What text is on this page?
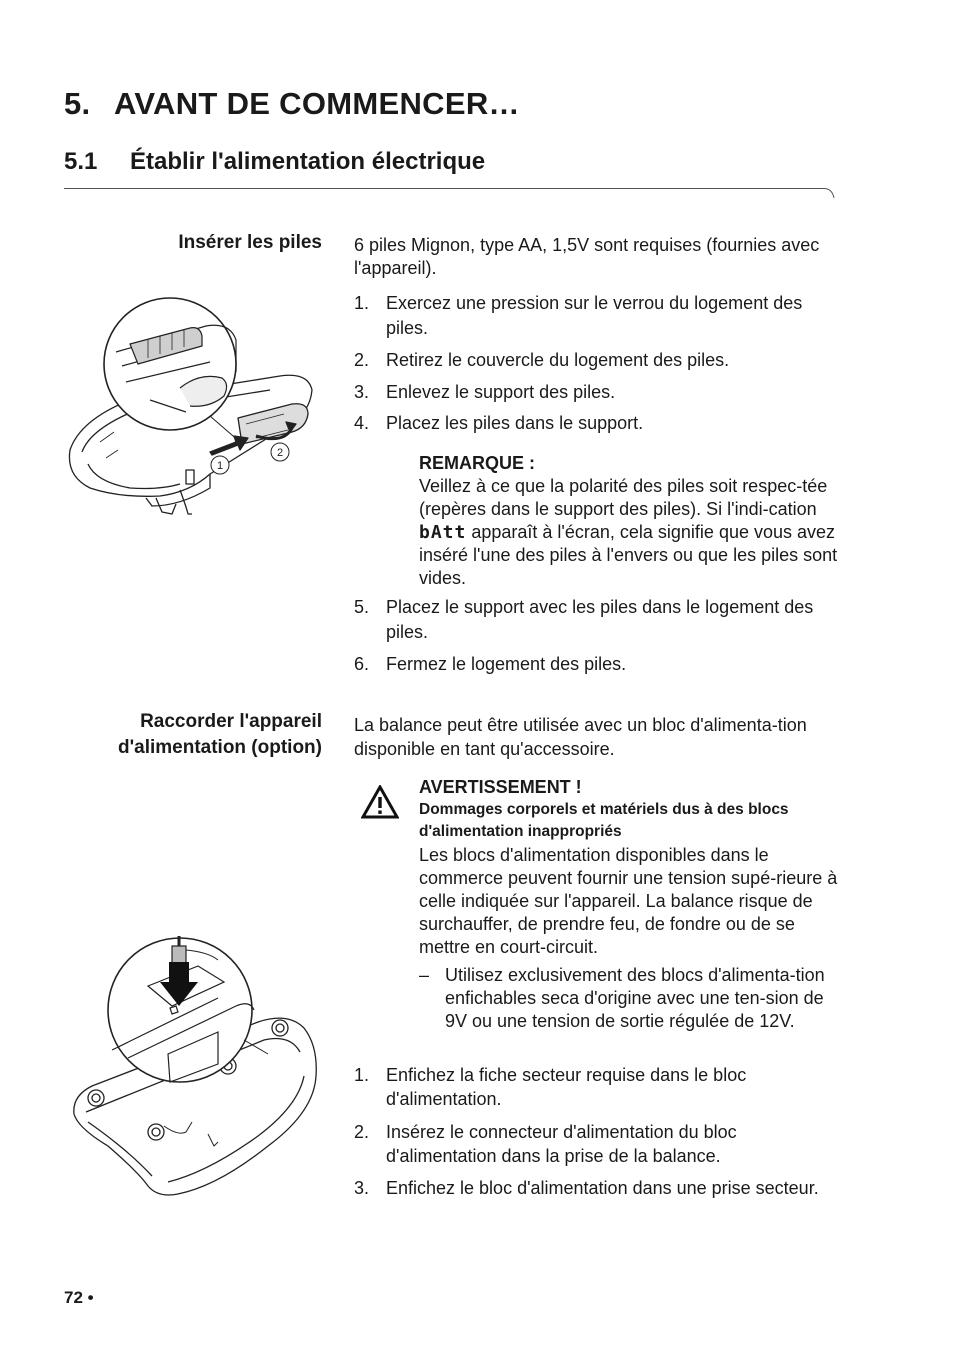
5. AVANT DE COMMENCER…
5.1 Établir l'alimentation électrique
Insérer les piles 6 piles Mignon, type AA, 1,5V sont requises (fournies avec l'appareil).
1. Exercez une pression sur le verrou du logement des piles.
2. Retirez le couvercle du logement des piles.
3. Enlevez le support des piles.
4. Placez les piles dans le support.
REMARQUE :
Veillez à ce que la polarité des piles soit respec-tée (repères dans le support des piles). Si l'indi-cation bAtt apparaît à l'écran, cela signifie que vous avez inséré l'une des piles à l'envers ou que les piles sont vides.
5. Placez le support avec les piles dans le logement des piles.
6. Fermez le logement des piles.
1
2
Raccorder l'appareil
d'alimentation (option)
La balance peut être utilisée avec un bloc d'alimenta-tion disponible en tant qu'accessoire.
AVERTISSEMENT !
Dommages corporels et matériels dus à des blocs d'alimentation inappropriés
Les blocs d'alimentation disponibles dans le commerce peuvent fournir une tension supé-rieure à celle indiquée sur l'appareil. La balance risque de surchauffer, de prendre feu, de fondre ou de se mettre en court-circuit.
– Utilisez exclusivement des blocs d'alimenta-tion enfichables seca d'origine avec une ten-sion de 9V ou une tension de sortie régulée de 12V.
1. Enfichez la fiche secteur requise dans le bloc d'alimentation.
2. Insérez le connecteur d'alimentation du bloc d'alimentation dans la prise de la balance.
3. Enfichez le bloc d'alimentation dans une prise secteur.
72 •
